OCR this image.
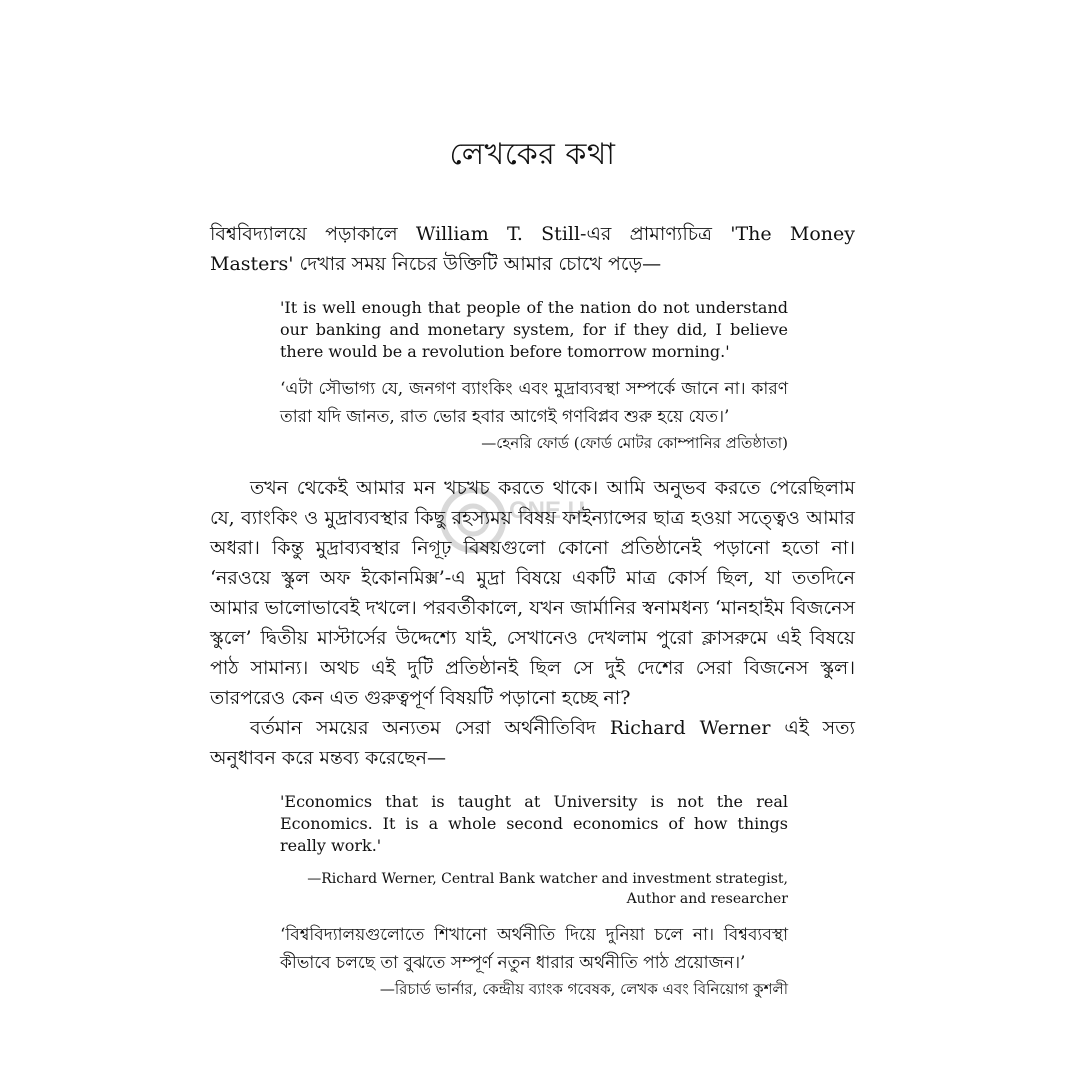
ONE U
লেখকের কথা

বিশ্ববিদ্যালয়ে পড়াকালে William T. Still-এর প্রামাণ্যচিত্র 'The Money Masters' দেখার সময় নিচের উক্তিটি আমার চোখে পড়ে—

'It is well enough that people of the nation do not understand our banking and monetary system, for if they did, I believe there would be a revolution before tomorrow morning.'
‘এটা সৌভাগ্য যে, জনগণ ব্যাংকিং এবং মুদ্রাব্যবস্থা সম্পর্কে জানে না। কারণ তারা যদি জানত, রাত ভোর হবার আগেই গণবিপ্লব শুরু হয়ে যেত।’
—হেনরি ফোর্ড (ফোর্ড মোটর কোম্পানির প্রতিষ্ঠাতা)

তখন থেকেই আমার মন খচখচ করতে থাকে। আমি অনুভব করতে পেরেছিলাম যে, ব্যাংকিং ও মুদ্রাব্যবস্থার কিছু রহস্যময় বিষয় ফাইন্যান্সের ছাত্র হওয়া সত্ত্বেও আমার অধরা। কিন্তু মুদ্রাব্যবস্থার নিগূঢ় বিষয়গুলো কোনো প্রতিষ্ঠানেই পড়ানো হতো না। ‘নরওয়ে স্কুল অফ ইকোনমিক্স’-এ মুদ্রা বিষয়ে একটি মাত্র কোর্স ছিল, যা ততদিনে আমার ভালোভাবেই দখলে। পরবর্তীকালে, যখন জার্মানির স্বনামধন্য ‘মানহাইম বিজনেস স্কুলে’ দ্বিতীয় মাস্টার্সের উদ্দেশ্যে যাই, সেখানেও দেখলাম পুরো ক্লাসরুমে এই বিষয়ে পাঠ সামান্য। অথচ এই দুটি প্রতিষ্ঠানই ছিল সে দুই দেশের সেরা বিজনেস স্কুল। তারপরেও কেন এত গুরুত্বপূর্ণ বিষয়টি পড়ানো হচ্ছে না?

বর্তমান সময়ের অন্যতম সেরা অর্থনীতিবিদ Richard Werner এই সত্য অনুধাবন করে মন্তব্য করেছেন—

'Economics that is taught at University is not the real Economics. It is a whole second economics of how things really work.'
—Richard Werner, Central Bank watcher and investment strategist, Author and researcher
‘বিশ্ববিদ্যালয়গুলোতে শিখানো অর্থনীতি দিয়ে দুনিয়া চলে না। বিশ্বব্যবস্থা কীভাবে চলছে তা বুঝতে সম্পূর্ণ নতুন ধারার অর্থনীতি পাঠ প্রয়োজন।’
—রিচার্ড ভার্নার, কেন্দ্রীয় ব্যাংক গবেষক, লেখক এবং বিনিয়োগ কুশলী
